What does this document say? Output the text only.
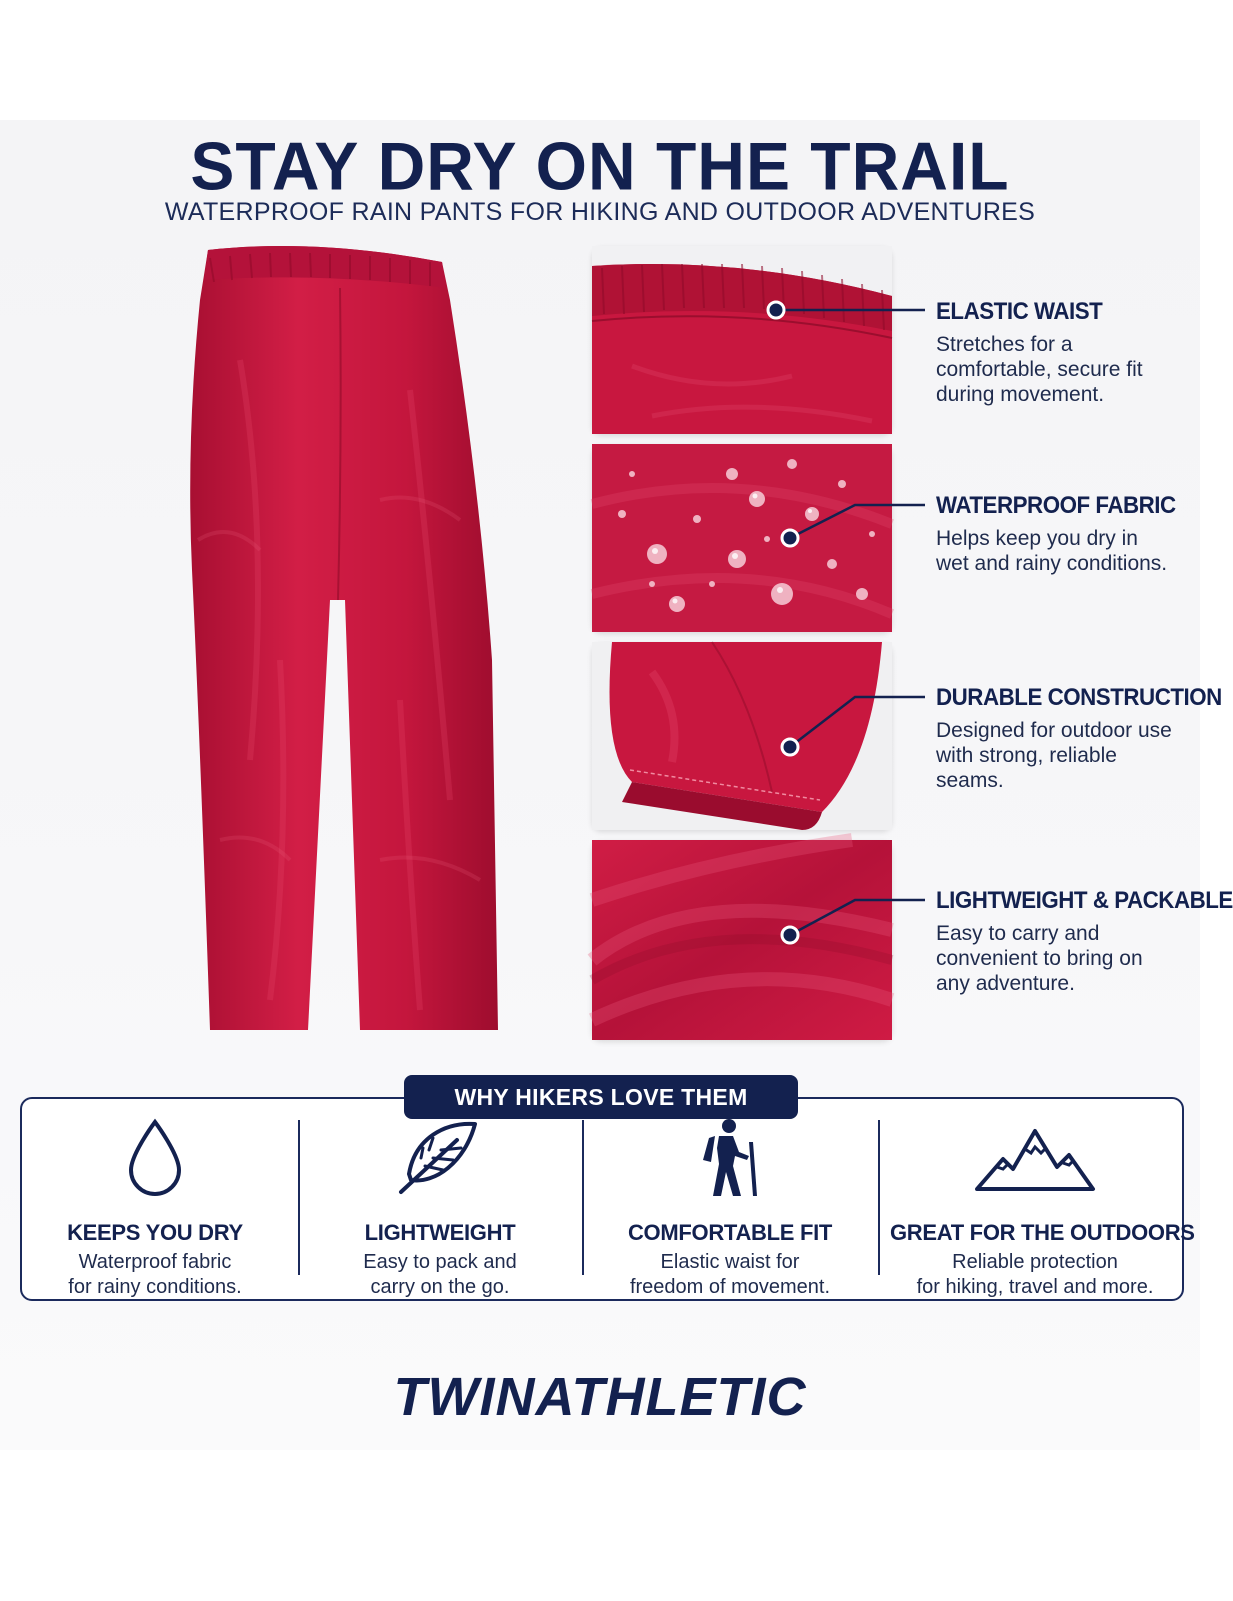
STAY DRY ON THE TRAIL
WATERPROOF RAIN PANTS FOR HIKING AND OUTDOOR ADVENTURES
ELASTIC WAIST
Stretches for a comfortable, secure fit during movement.
WATERPROOF FABRIC
Helps keep you dry in wet and rainy conditions.
DURABLE CONSTRUCTION
Designed for outdoor use with strong, reliable seams.
LIGHTWEIGHT & PACKABLE
Easy to carry and convenient to bring on any adventure.
WHY HIKERS LOVE THEM
KEEPS YOU DRY
Waterproof fabric
for rainy conditions.
LIGHTWEIGHT
Easy to pack and
carry on the go.
COMFORTABLE FIT
Elastic waist for
freedom of movement.
GREAT FOR THE OUTDOORS
Reliable protection
for hiking, travel and more.
TWINATHLETIC
